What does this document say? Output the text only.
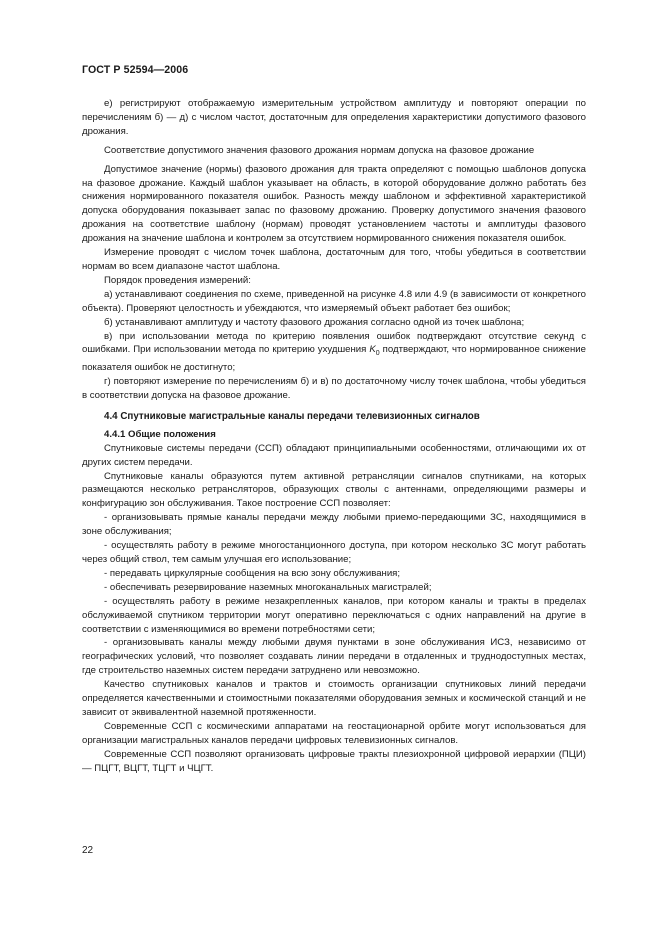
ГОСТ Р 52594—2006

е) регистрируют отображаемую измерительным устройством амплитуду и повторяют операции по перечислениям б) — д) с числом частот, достаточным для определения характеристики допустимого фазового дрожания.

Соответствие допустимого значения фазового дрожания нормам допуска на фазовое дрожание

Допустимое значение (нормы) фазового дрожания для тракта определяют с помощью шаблонов допуска на фазовое дрожание. Каждый шаблон указывает на область, в которой оборудование должно работать без снижения нормированного показателя ошибок. Разность между шаблоном и эффективной характеристикой допуска оборудования показывает запас по фазовому дрожанию. Проверку допустимого значения фазового дрожания на соответствие шаблону (нормам) проводят установлением частоты и амплитуды фазового дрожания на значение шаблона и контролем за отсутствием нормированного снижения показателя ошибок.

Измерение проводят с числом точек шаблона, достаточным для того, чтобы убедиться в соответствии нормам во всем диапазоне частот шаблона.

Порядок проведения измерений:

а) устанавливают соединения по схеме, приведенной на рисунке 4.8 или 4.9 (в зависимости от конкретного объекта). Проверяют целостность и убеждаются, что измеряемый объект работает без ошибок;

б) устанавливают амплитуду и частоту фазового дрожания согласно одной из точек шаблона;

в) при использовании метода по критерию появления ошибок подтверждают отсутствие секунд с ошибками. При использовании метода по критерию ухудшения $K_0$ подтверждают, что нормированное снижение показателя ошибок не достигнуто;

г) повторяют измерение по перечислениям б) и в) по достаточному числу точек шаблона, чтобы убедиться в соответствии допуска на фазовое дрожание.

4.4 Спутниковые магистральные каналы передачи телевизионных сигналов
4.4.1 Общие положения

Спутниковые системы передачи (ССП) обладают принципиальными особенностями, отличающими их от других систем передачи.

Спутниковые каналы образуются путем активной ретрансляции сигналов спутниками, на которых размещаются несколько ретрансляторов, образующих стволы с антеннами, определяющими размеры и конфигурацию зон обслуживания. Такое построение ССП позволяет:

- организовывать прямые каналы передачи между любыми приемо-передающими ЗС, находящимися в зоне обслуживания;

- осуществлять работу в режиме многостанционного доступа, при котором несколько ЗС могут работать через общий ствол, тем самым улучшая его использование;

- передавать циркулярные сообщения на всю зону обслуживания;

- обеспечивать резервирование наземных многоканальных магистралей;

- осуществлять работу в режиме незакрепленных каналов, при котором каналы и тракты в пределах обслуживаемой спутником территории могут оперативно переключаться с одних направлений на другие в соответствии с изменяющимися во времени потребностями сети;

- организовывать каналы между любыми двумя пунктами в зоне обслуживания ИСЗ, независимо от географических условий, что позволяет создавать линии передачи в отдаленных и труднодоступных местах, где строительство наземных систем передачи затруднено или невозможно.

Качество спутниковых каналов и трактов и стоимость организации спутниковых линий передачи определяется качественными и стоимостными показателями оборудования земных и космической станций и не зависит от эквивалентной наземной протяженности.

Современные ССП с космическими аппаратами на геостационарной орбите могут использоваться для организации магистральных каналов передачи цифровых телевизионных сигналов.

Современные ССП позволяют организовать цифровые тракты плезиохронной цифровой иерархии (ПЦИ) — ПЦГТ, ВЦГТ, ТЦГТ и ЧЦГТ.

22
